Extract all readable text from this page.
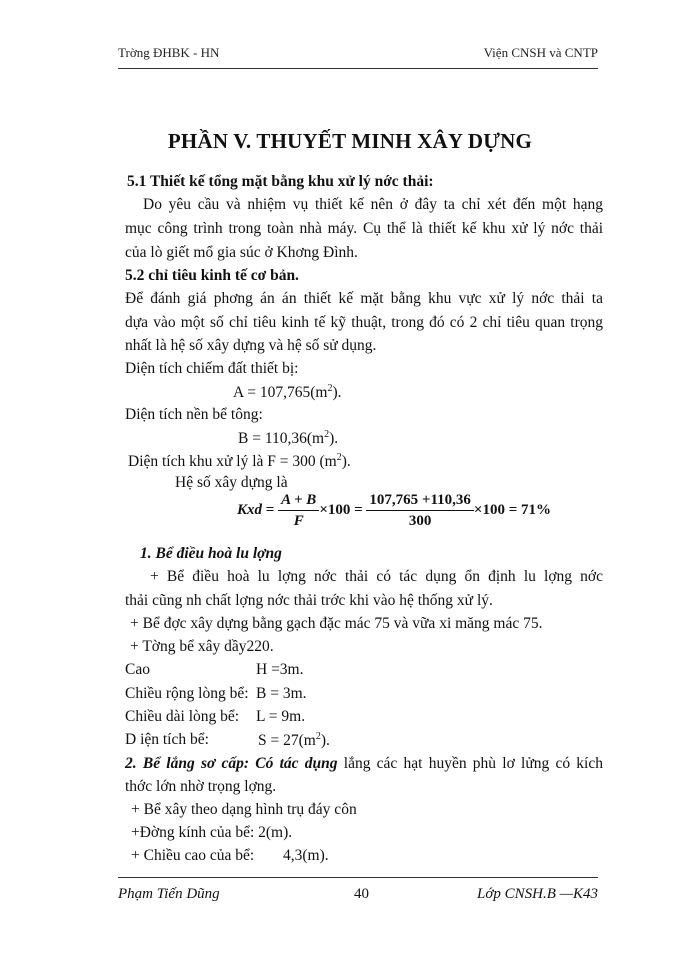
Trờng ĐHBK - HN	Viện CNSH và CNTP
PHẦN V. THUYẾT MINH XÂY DỰNG
5.1 Thiết kế tổng mặt bằng khu xử lý nớc thải:
Do yêu cầu và nhiệm vụ thiết kế nên ở đây ta chỉ xét đến một hạng
mục công trình trong toàn nhà máy. Cụ thể là thiết kế khu xử lý nớc thải
của lò giết mổ gia súc ở Khơng Đình.
5.2 chỉ tiêu kinh tế cơ bản.
Để đánh giá phơng án án thiết kế mặt bằng khu vực xử lý nớc thải ta
dựa vào một số chỉ tiêu kinh tế kỹ thuật, trong đó có 2 chỉ tiêu quan trọng
nhất là hệ số xây dựng và hệ số sử dụng.
Diện tích chiếm đất thiết bị:
$A = 107,765(m^2)$.
Diện tích nền bể tông:
$B = 110,36(m^2)$.
Diện tích khu xử lý là F = 300 $(m^2)$.
Hệ số xây dựng là
Kxd = $\frac{A + B}{F} \times 100 = \frac{107,765 +110,36}{300} \times 100 = 71\%$
1. Bể điều hoà lu lợng
+ Bể điều hoà lu lợng nớc thải có tác dụng ổn định lu lợng nớc
thải cũng nh chất lợng nớc thải trớc khi vào hệ thống xử lý.
+ Bể đợc xây dựng bằng gạch đặc mác 75 và vữa xi măng mác 75.
+ Tờng bể xây dầy220.
Cao	H =3m.
Chiều rộng lòng bể: B = 3m.
Chiều dài lòng bể: L = 9m.
D iện tích bể:	$S = 27(m^2)$.
2. Bể lắng sơ cấp: Có tác dụng lắng các hạt huyền phù lơ lửng có kích
thớc lớn nhờ trọng lợng.
+ Bể xây theo dạng hình trụ đáy côn
+Đờng kính của bể: 2(m).
+ Chiều cao của bể: 4,3(m).
Phạm Tiến Dũng	40	Lớp CNSH.B —K43
